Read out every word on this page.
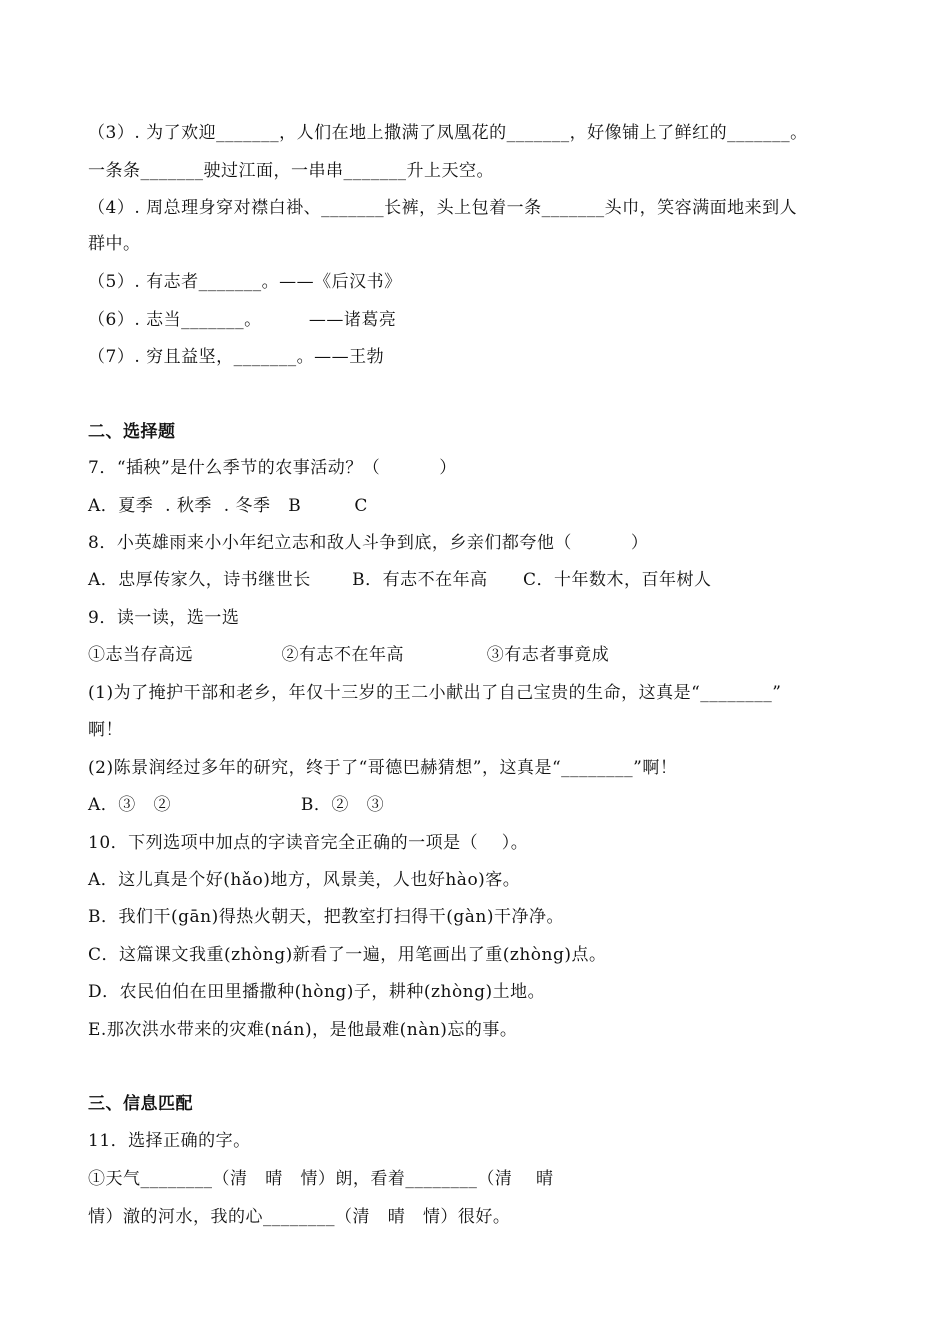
（3）. 为了欢迎_______，人们在地上撒满了凤凰花的_______，好像铺上了鲜红的_______。
一条条_______驶过江面，一串串_______升上天空。
（4）. 周总理身穿对襟白褂、_______长裤，头上包着一条_______头巾，笑容满面地来到人
群中。
（5）. 有志者_______。——《后汉书》
（6）. 志当_______。        ——诸葛亮
（7）. 穷且益坚，_______。——王勃
二、选择题
7．“插秧”是什么季节的农事活动？（          ）
A．夏季  . 秋季  . 冬季   B         C
8．小英雄雨来小小年纪立志和敌人斗争到底，乡亲们都夸他（          ）
A．忠厚传家久，诗书继世长       B．有志不在年高      C．十年数木，百年树人
9．读一读，选一选
①志当存高远               ②有志不在年高              ③有志者事竟成
(1)为了掩护干部和老乡，年仅十三岁的王二小献出了自己宝贵的生命，这真是“________”
啊！
(2)陈景润经过多年的研究，终于了“哥德巴赫猜想”，这真是“________”啊！
A．③   ②                      B．②   ③
10．下列选项中加点的字读音完全正确的一项是（    ）。
A．这儿真是个好(hǎo)地方，风景美，人也好hào)客。
B．我们干(gān)得热火朝天，把教室打扫得干(gàn)干净净。
C．这篇课文我重(zhòng)新看了一遍，用笔画出了重(zhòng)点。
D．农民伯伯在田里播撒种(hòng)子，耕种(zhòng)土地。
E.那次洪水带来的灾难(nán)，是他最难(nàn)忘的事。
三、信息匹配
11．选择正确的字。
①天气________（清   晴   情）朗，看着________（清    晴
情）澈的河水，我的心________（清   晴   情）很好。
